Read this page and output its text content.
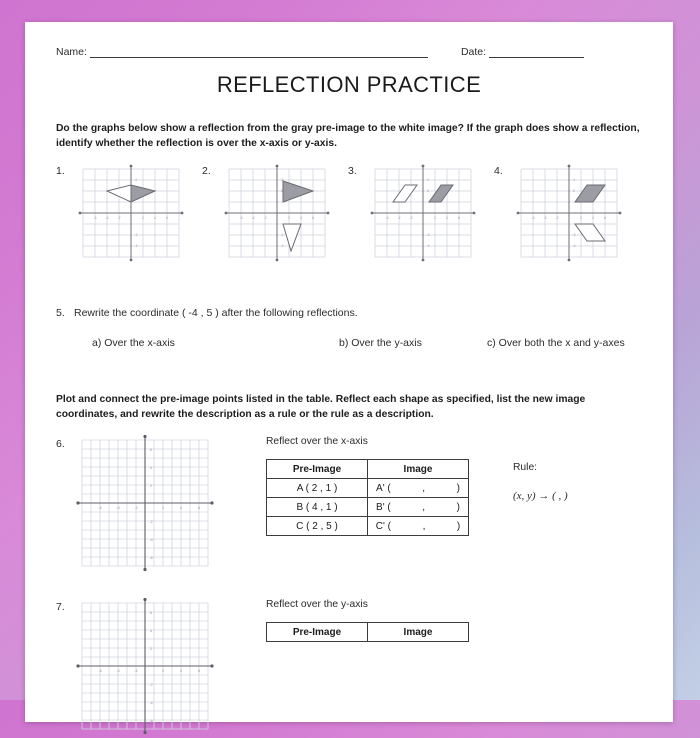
Name:	Date:
REFLECTION PRACTICE
Do the graphs below show a reflection from the gray pre-image to the white image? If the graph does show a reflection, identify whether the reflection is over the x-axis or y-axis.
1.
-6	-4	-2	2	4	6
4
-2
-4
2.
-6	-4	-2	2	4	6
4
2
-2
-4
3.
-6	-4	-2	2	4	6
4
2
-2
-4
4.
-6	-4	-2	2	4	6
4
2
-2
-4
5. Rewrite the coordinate ( -4 , 5 ) after the following reflections.
a) Over the x-axis	b) Over the y-axis	c) Over both the x and y-axes
Plot and connect the pre-image points listed in the table. Reflect each shape as specified, list the new image coordinates, and rewrite the description as a rule or the rule as a description.
6.
-6	-4	-2	2	4	6
6
4
2
-2
-4
-6
Reflect over the x-axis
Pre-Image	Image
A ( 2 , 1 )	A' ( , )
B ( 4 , 1 )	B' ( , )
C ( 2 , 5 )	C' ( , )
Rule:
(x, y) → ( , )
7.
-6	-4	-2	2	4	6
6
4
2
-2
-4
-6
Reflect over the y-axis
Pre-Image	Image
